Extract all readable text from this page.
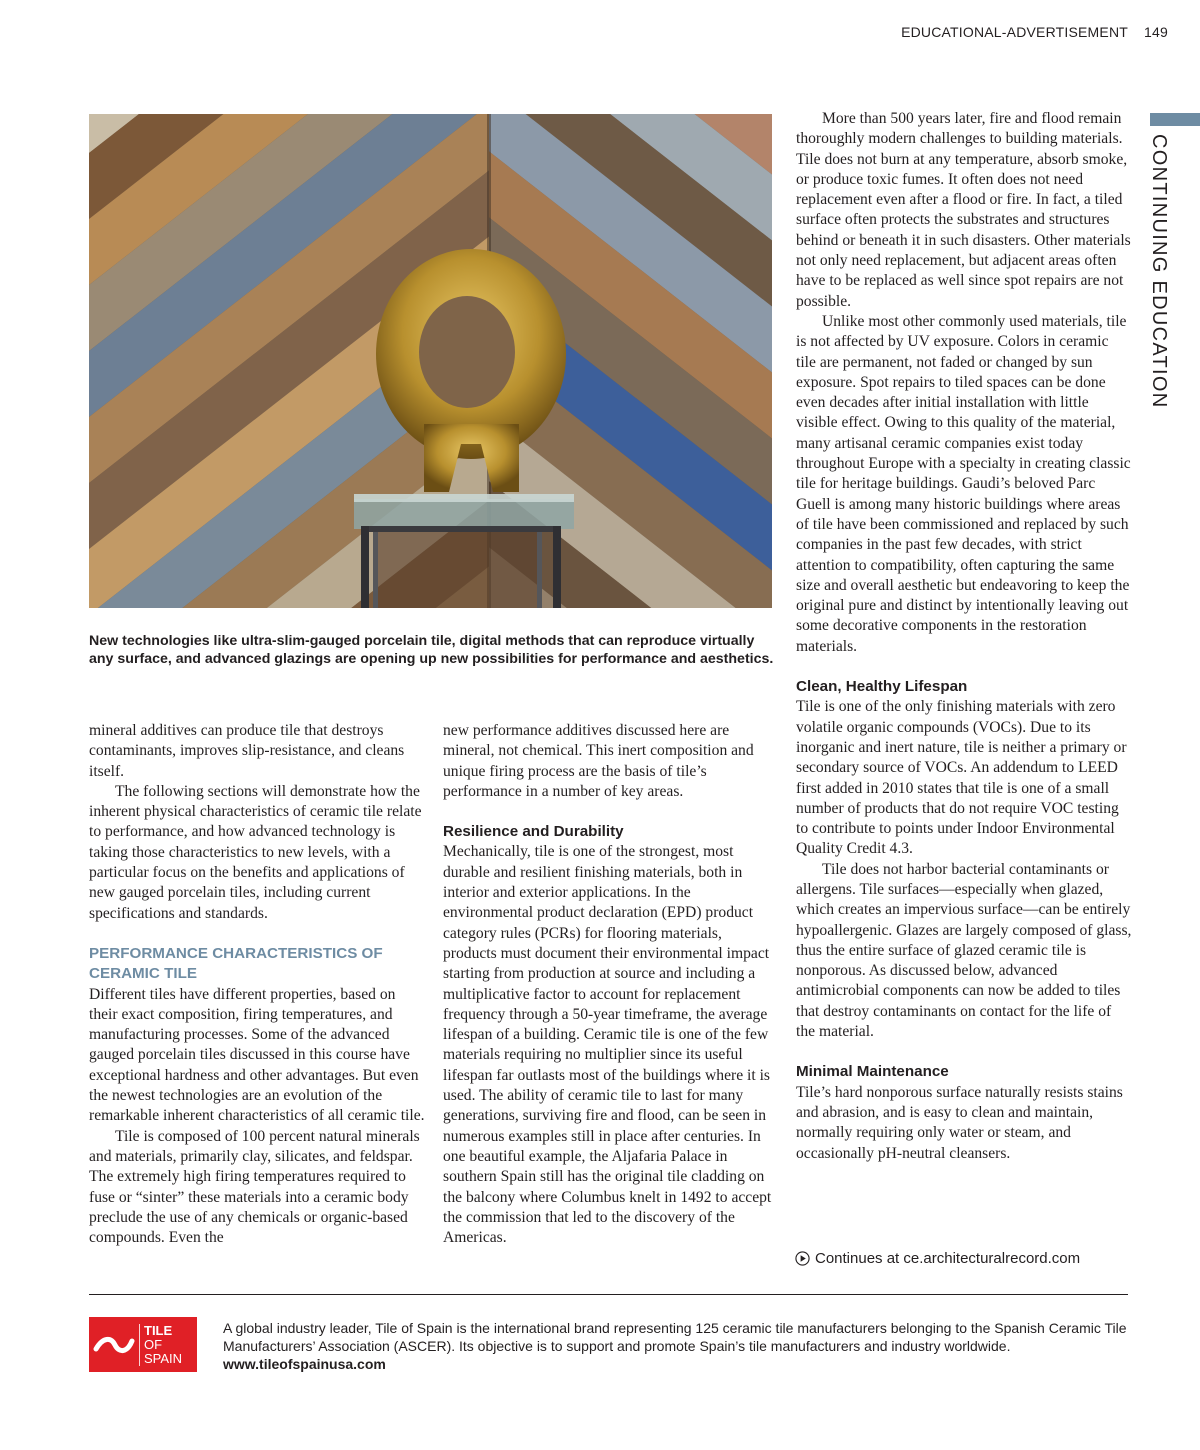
EDUCATIONAL-ADVERTISEMENT 149
CONTINUING EDUCATION
New technologies like ultra-slim-gauged porcelain tile, digital methods that can reproduce virtually any surface, and advanced glazings are opening up new possibilities for performance and aesthetics.

mineral additives can produce tile that destroys contaminants, improves slip-resistance, and cleans itself.

The following sections will demonstrate how the inherent physical characteristics of ceramic tile relate to performance, and how advanced technology is taking those characteristics to new levels, with a particular focus on the benefits and applications of new gauged porcelain tiles, including current specifications and standards.

PERFORMANCE CHARACTERISTICS OF CERAMIC TILE

Different tiles have different properties, based on their exact composition, firing temperatures, and manufacturing processes. Some of the advanced gauged porcelain tiles discussed in this course have exceptional hardness and other advantages. But even the newest technologies are an evolution of the remarkable inherent characteristics of all ceramic tile.

Tile is composed of 100 percent natural minerals and materials, primarily clay, silicates, and feldspar. The extremely high firing temperatures required to fuse or “sinter” these materials into a ceramic body preclude the use of any chemicals or organic-based compounds. Even the

new performance additives discussed here are mineral, not chemical. This inert composition and unique firing process are the basis of tile’s performance in a number of key areas.

Resilience and Durability

Mechanically, tile is one of the strongest, most durable and resilient finishing materials, both in interior and exterior applications. In the environmental product declaration (EPD) product category rules (PCRs) for flooring materials, products must document their environmental impact starting from production at source and including a multiplicative factor to account for replacement frequency through a 50-year timeframe, the average lifespan of a building. Ceramic tile is one of the few materials requiring no multiplier since its useful lifespan far outlasts most of the buildings where it is used. The ability of ceramic tile to last for many generations, surviving fire and flood, can be seen in numerous examples still in place after centuries. In one beautiful example, the Aljafaria Palace in southern Spain still has the original tile cladding on the balcony where Columbus knelt in 1492 to accept the commission that led to the discovery of the Americas.

More than 500 years later, fire and flood remain thoroughly modern challenges to building materials. Tile does not burn at any temperature, absorb smoke, or produce toxic fumes. It often does not need replacement even after a flood or fire. In fact, a tiled surface often protects the substrates and structures behind or beneath it in such disasters. Other materials not only need replacement, but adjacent areas often have to be replaced as well since spot repairs are not possible.

Unlike most other commonly used materials, tile is not affected by UV exposure. Colors in ceramic tile are permanent, not faded or changed by sun exposure. Spot repairs to tiled spaces can be done even decades after initial installation with little visible effect. Owing to this quality of the material, many artisanal ceramic companies exist today throughout Europe with a specialty in creating classic tile for heritage buildings. Gaudi’s beloved Parc Guell is among many historic buildings where areas of tile have been commissioned and replaced by such companies in the past few decades, with strict attention to compatibility, often capturing the same size and overall aesthetic but endeavoring to keep the original pure and distinct by intentionally leaving out some decorative components in the restoration materials.

Clean, Healthy Lifespan

Tile is one of the only finishing materials with zero volatile organic compounds (VOCs). Due to its inorganic and inert nature, tile is neither a primary or secondary source of VOCs. An addendum to LEED first added in 2010 states that tile is one of a small number of products that do not require VOC testing to contribute to points under Indoor Environmental Quality Credit 4.3.

Tile does not harbor bacterial contaminants or allergens. Tile surfaces—especially when glazed, which creates an impervious surface—can be entirely hypoallergenic. Glazes are largely composed of glass, thus the entire surface of glazed ceramic tile is nonporous. As discussed below, advanced antimicrobial components can now be added to tiles that destroy contaminants on contact for the life of the material.

Minimal Maintenance

Tile’s hard nonporous surface naturally resists stains and abrasion, and is easy to clean and maintain, normally requiring only water or steam, and occasionally pH-neutral cleansers.

Continues at ce.architecturalrecord.com
TILE
OF
SPAIN
A global industry leader, Tile of Spain is the international brand representing 125 ceramic tile manufacturers belonging to the Spanish Ceramic Tile Manufacturers’ Association (ASCER). Its objective is to support and promote Spain’s tile manufacturers and industry worldwide. www.tileofspainusa.com
